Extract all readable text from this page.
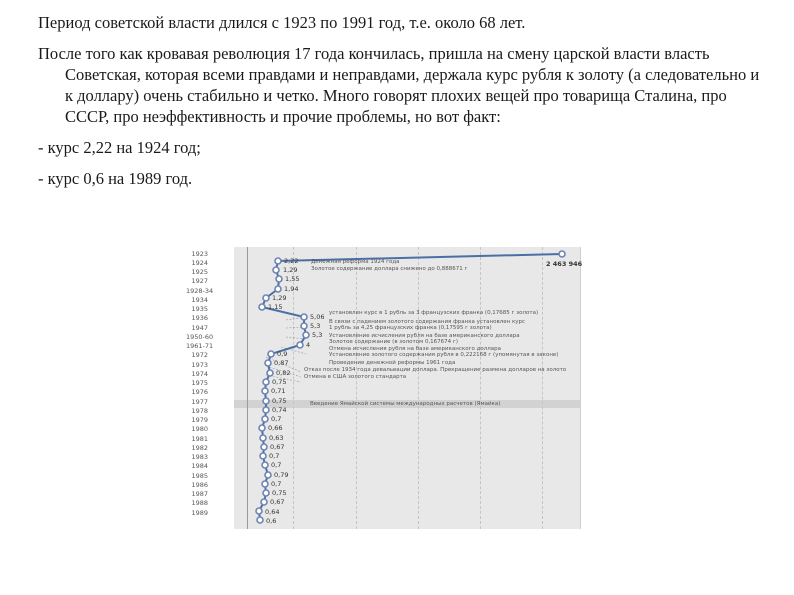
Период советской власти длился с 1923 по 1991 год, т.е. около 68 лет.

После того как кровавая революция 17 года кончилась, пришла на смену царской власти власть Советская, которая всеми правдами и неправдами, держала курс рубля к золоту (а следовательно и к доллару) очень стабильно и четко. Много говорят плохих вещей про товарища Сталина, про СССР, про неэффективность и прочие проблемы, но вот факт:

- курс 2,22 на 1924 год;

- курс 0,6 на 1989 год.

1923
1924
1925
1927
1928-34
1934
1935
1936
1947
1950-60
1961-71
1972
1973
1974
1975
1976
1977
1978
1979
1980
1981
1982
1983
1984
1985
1986
1987
1988
1989
2 463 946
2,22
1,29
1,55
1,94
1,29
1,15
5,06
5,3
5,3
4
0,9
0,87
0,82
0,75
0,71
0,75
0,74
0,7
0,66
0,63
0,67
0,7
0,7
0,79
0,7
0,75
0,67
0,64
0,6
Денежная реформа 1924 года
Золотое содержание доллара снижено до 0,888671 г
установлен курс в 1 рубль за 3 французских франка (0,17685 г золота)
В связи с падением золотого содержания франка установлен курс
1 рубль за 4,25 французских франка (0,17595 г золота)
Установление исчисления рубля на базе американского доллара
Золотое содержание (в золотом 0,167674 г)
Отмена исчисления рубля на базе американского доллара
Установление золотого содержания рубля в 0,222168 г (упомянутая в законе)
Проведение денежной реформы 1961 года
Отказ после 1934 года девальвации доллара. Прекращение размена долларов на золото
Отмена в США золотого стандарта
Введение Ямайской системы международных расчетов (Ямайка)
